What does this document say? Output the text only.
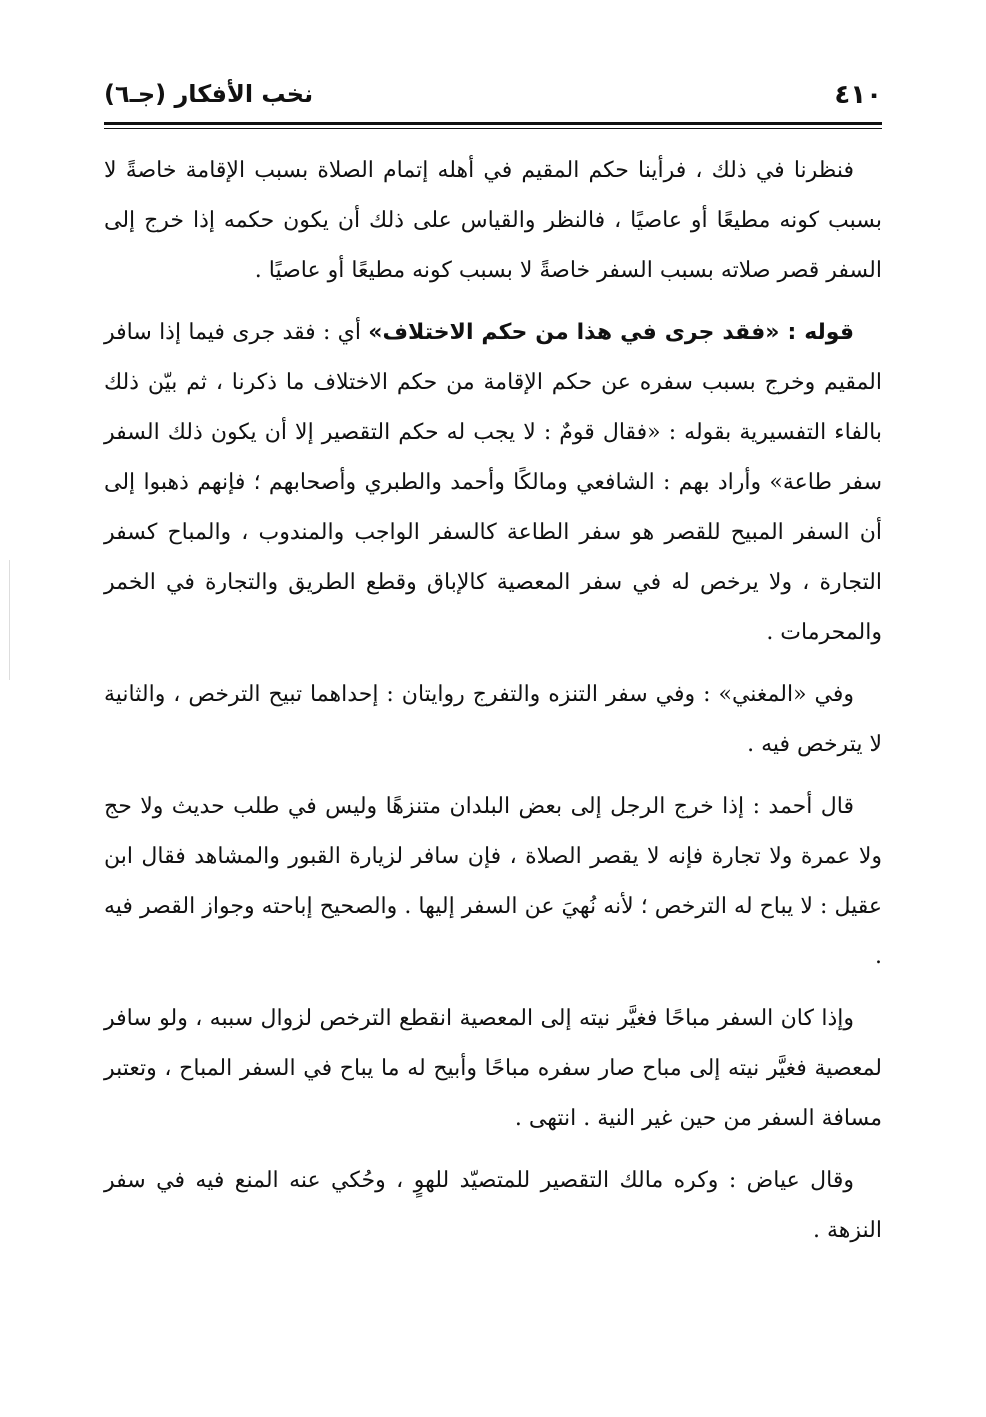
٤١٠
نخب الأفكار (جـ٦)

فنظرنا في ذلك ، فرأينا حكم المقيم في أهله إتمام الصلاة بسبب الإقامة خاصةً لا بسبب كونه مطيعًا أو عاصيًا ، فالنظر والقياس على ذلك أن يكون حكمه إذا خرج إلى السفر قصر صلاته بسبب السفر خاصةً لا بسبب كونه مطيعًا أو عاصيًا .

قوله : «فقد جرى في هذا من حكم الاختلاف» أي : فقد جرى فيما إذا سافر المقيم وخرج بسبب سفره عن حكم الإقامة من حكم الاختلاف ما ذكرنا ، ثم بيّن ذلك بالفاء التفسيرية بقوله : «فقال قومٌ : لا يجب له حكم التقصير إلا أن يكون ذلك السفر سفر طاعة» وأراد بهم : الشافعي ومالكًا وأحمد والطبري وأصحابهم ؛ فإنهم ذهبوا إلى أن السفر المبيح للقصر هو سفر الطاعة كالسفر الواجب والمندوب ، والمباح كسفر التجارة ، ولا يرخص له في سفر المعصية كالإباق وقطع الطريق والتجارة في الخمر والمحرمات .

وفي «المغني» : وفي سفر التنزه والتفرج روايتان : إحداهما تبيح الترخص ، والثانية لا يترخص فيه .

قال أحمد : إذا خرج الرجل إلى بعض البلدان متنزهًا وليس في طلب حديث ولا حج ولا عمرة ولا تجارة فإنه لا يقصر الصلاة ، فإن سافر لزيارة القبور والمشاهد فقال ابن عقيل : لا يباح له الترخص ؛ لأنه نُهيَ عن السفر إليها . والصحيح إباحته وجواز القصر فيه .

وإذا كان السفر مباحًا فغيَّر نيته إلى المعصية انقطع الترخص لزوال سببه ، ولو سافر لمعصية فغيَّر نيته إلى مباح صار سفره مباحًا وأبيح له ما يباح في السفر المباح ، وتعتبر مسافة السفر من حين غير النية . انتهى .

وقال عياض : وكره مالك التقصير للمتصيّد للهوٍ ، وحُكي عنه المنع فيه في سفر النزهة .
